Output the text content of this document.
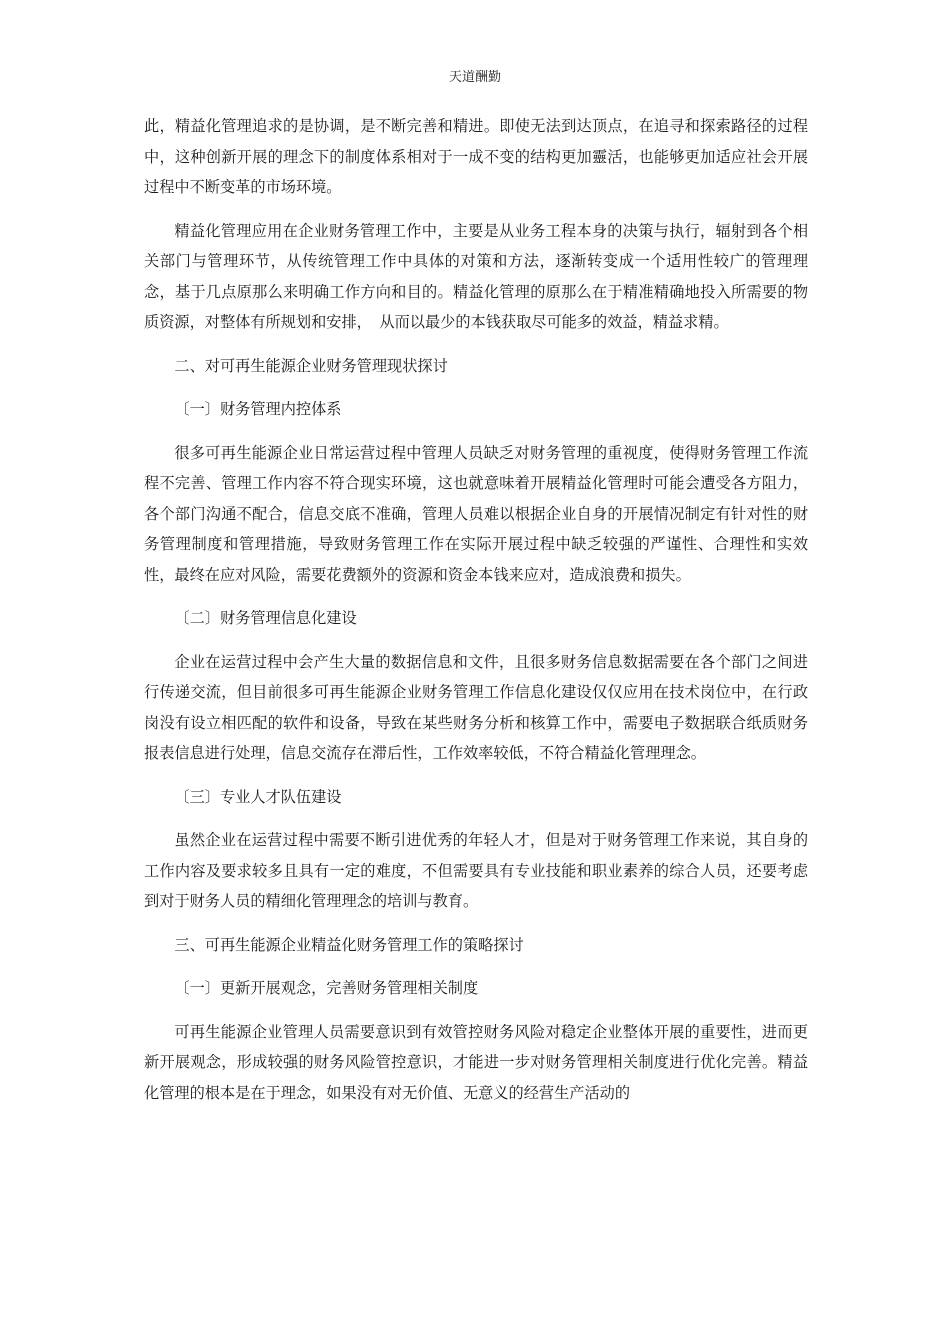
天道酬勤

此，精益化管理追求的是协调，是不断完善和精进。即使无法到达顶点，在追寻和探索路径的过程中，这种创新开展的理念下的制度体系相对于一成不变的结构更加靈活，也能够更加适应社会开展过程中不断变革的市场环境。

精益化管理应用在企业财务管理工作中，主要是从业务工程本身的决策与执行，辐射到各个相关部门与管理环节，从传统管理工作中具体的对策和方法，逐渐转变成一个适用性较广的管理理念，基于几点原那么来明确工作方向和目的。精益化管理的原那么在于精准精确地投入所需要的物质资源，对整体有所规划和安排，　从而以最少的本钱获取尽可能多的效益，精益求精。

二、对可再生能源企业财务管理现状探讨

〔一〕财务管理内控体系

很多可再生能源企业日常运营过程中管理人员缺乏对财务管理的重视度，使得财务管理工作流程不完善、管理工作内容不符合现实环境，这也就意味着开展精益化管理时可能会遭受各方阻力，各个部门沟通不配合，信息交底不准确，管理人员难以根据企业自身的开展情况制定有针对性的财务管理制度和管理措施，导致财务管理工作在实际开展过程中缺乏较强的严谨性、合理性和实效性，最终在应对风险，需要花费额外的资源和资金本钱来应对，造成浪费和损失。

〔二〕财务管理信息化建设

企业在运营过程中会产生大量的数据信息和文件，且很多财务信息数据需要在各个部门之间进行传递交流，但目前很多可再生能源企业财务管理工作信息化建设仅仅应用在技术岗位中，在行政岗没有设立相匹配的软件和设备，导致在某些财务分析和核算工作中，需要电子数据联合纸质财务报表信息进行处理，信息交流存在滞后性，工作效率较低，不符合精益化管理理念。

〔三〕专业人才队伍建设

虽然企业在运营过程中需要不断引进优秀的年轻人才，但是对于财务管理工作来说，其自身的工作内容及要求较多且具有一定的难度，不但需要具有专业技能和职业素养的综合人员，还要考虑到对于财务人员的精细化管理理念的培训与教育。

三、可再生能源企业精益化财务管理工作的策略探讨

〔一〕更新开展观念，完善财务管理相关制度

可再生能源企业管理人员需要意识到有效管控财务风险对稳定企业整体开展的重要性，进而更新开展观念，形成较强的财务风险管控意识，才能进一步对财务管理相关制度进行优化完善。精益化管理的根本是在于理念，如果没有对无价值、无意义的经营生产活动的
